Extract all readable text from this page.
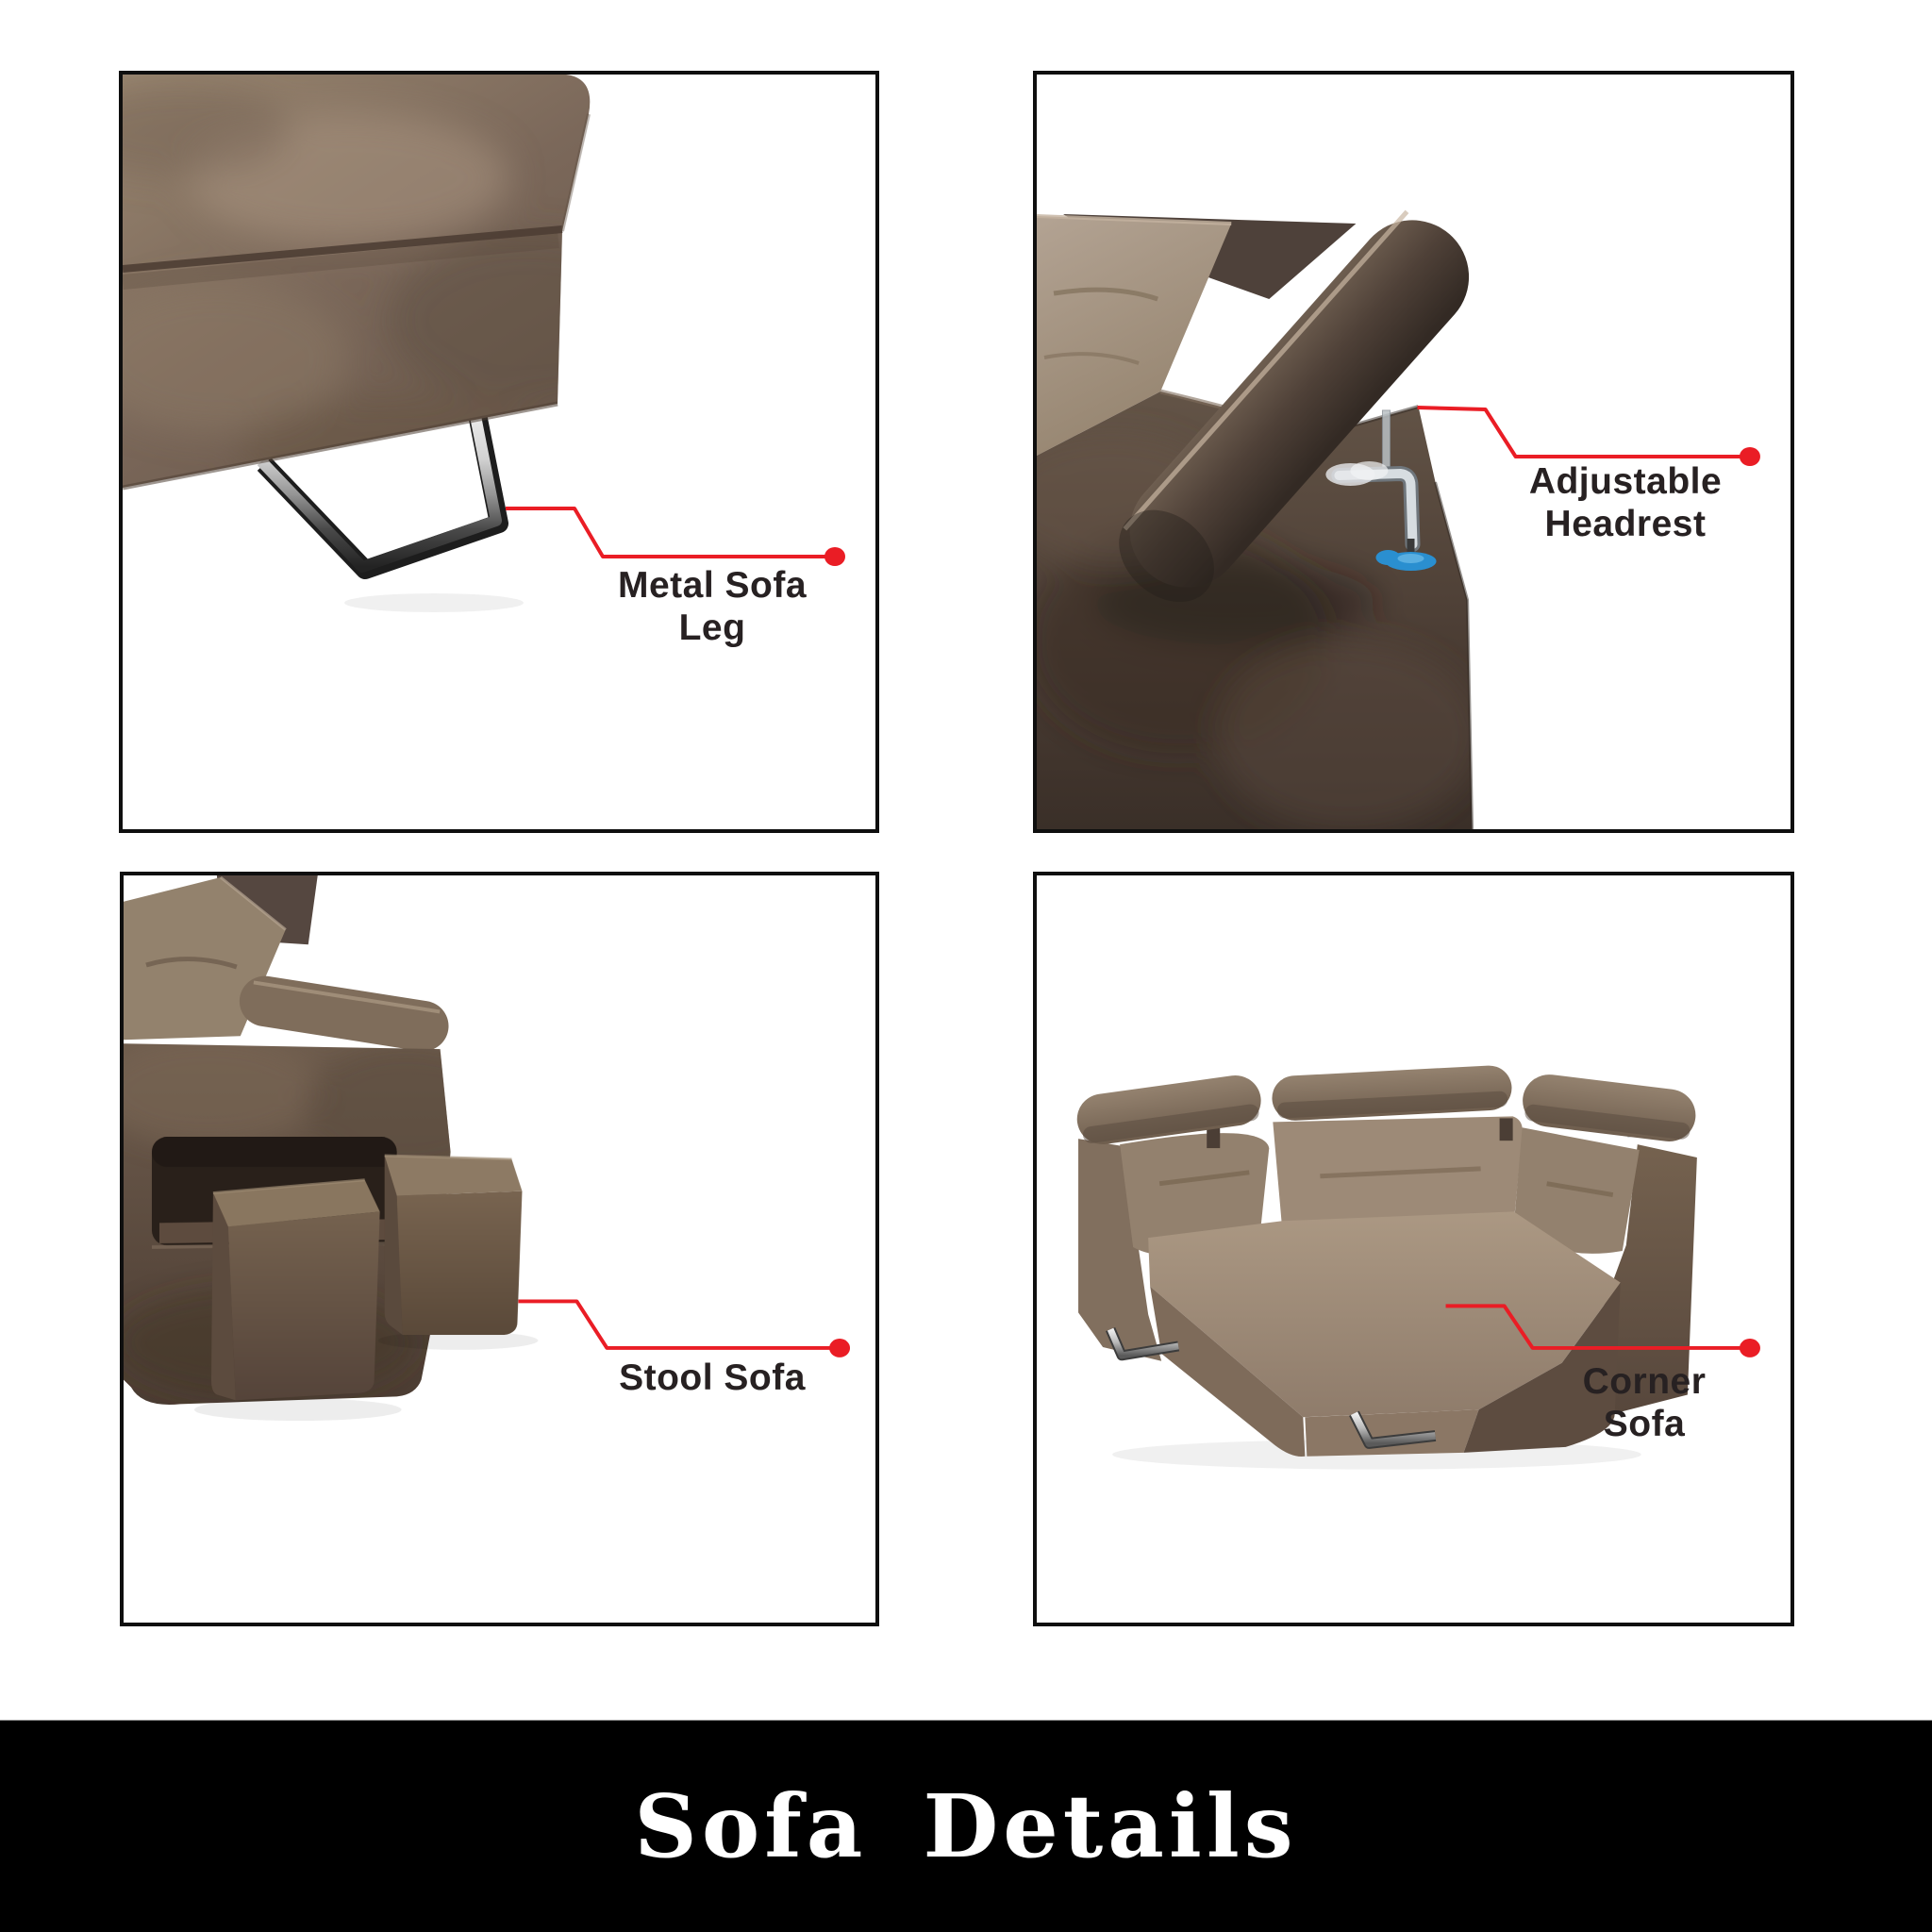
Metal Sofa
Leg
Adjustable
Headrest
Stool Sofa	Corner
Sofa
Sofa Details
